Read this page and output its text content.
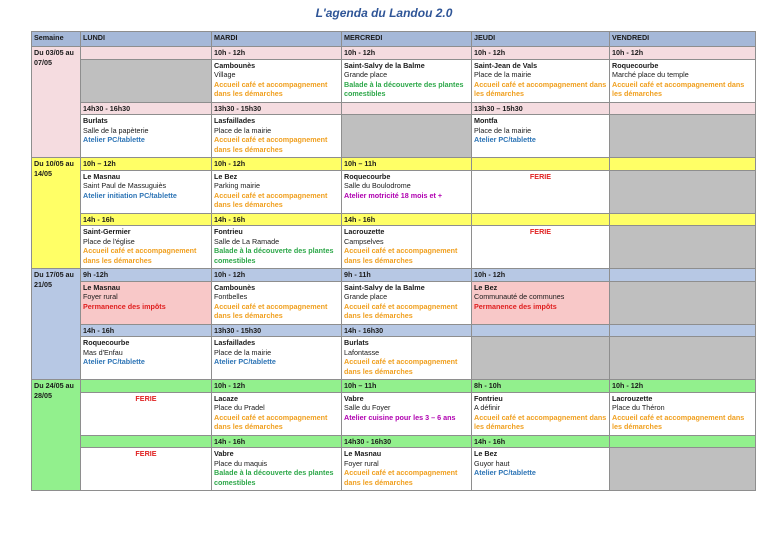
L'agenda du Landou 2.0
Semaine	LUNDI	MARDI	MERCREDI	JEUDI	VENDREDI
Du 03/05 au 07/05		10h - 12h	10h - 12h	10h - 12h	10h - 12h

		Cambounès
Village
Accueil café et accompagnement dans les démarches	Saint-Salvy de la Balme
Grande place
Balade à la découverte des plantes comestibles	Saint-Jean de Vals
Place de la mairie
Accueil café et accompagnement dans les démarches	Roquecourbe
Marché place du temple
Accueil café et accompagnement dans les démarches

	14h30 - 16h30	13h30 - 15h30		13h30 – 15h30	

	Burlats
Salle de la papèterie
Atelier PC/tablette	Lasfaillades
Place de la mairie
Accueil café et accompagnement dans les démarches		Montfa
Place de la mairie
Atelier PC/tablette	

Du 10/05 au 14/05	10h – 12h	10h - 12h	10h – 11h		

	Le Masnau
Saint Paul de Massuguiès
Atelier initiation PC/tablette	Le Bez
Parking mairie
Accueil café et accompagnement dans les démarches	Roquecourbe
Salle du Boulodrome
Atelier motricité 18 mois et +	FERIE	
	14h - 16h	14h - 16h	14h - 16h		

	Saint-Germier
Place de l'église
Accueil café et accompagnement dans les démarches	Fontrieu
Salle de La Ramade
Balade à la découverte des plantes comestibles	Lacrouzette
Campselves
Accueil café et accompagnement dans les démarches	FERIE	
Du 17/05 au 21/05	9h -12h	10h - 12h	9h - 11h	10h - 12h	

	Le Masnau
Foyer rural
Permanence des impôts	Cambounès
Fontbelles
Accueil café et accompagnement dans les démarches	Saint-Salvy de la Balme
Grande place
Accueil café et accompagnement dans les démarches	Le Bez
Communauté de communes
Permanence des impôts	

	14h - 16h	13h30 - 15h30	14h - 16h30		

	Roquecourbe
Mas d'Enfau
Atelier PC/tablette	Lasfaillades
Place de la mairie
Atelier PC/tablette	Burlats
Lafontasse
Accueil café et accompagnement dans les démarches		

Du 24/05 au 28/05		10h - 12h	10h – 11h	8h - 10h	10h - 12h
	FERIE	Lacaze
Place du Pradel
Accueil café et accompagnement dans les démarches	Vabre
Salle du Foyer
Atelier cuisine pour les 3 – 6 ans	Fontrieu
A définir
Accueil café et accompagnement dans les démarches	Lacrouzette
Place du Théron
Accueil café et accompagnement dans les démarches

		14h - 16h	14h30 - 16h30	14h - 16h	
	FERIE	Vabre
Place du maquis
Balade à la découverte des plantes comestibles	Le Masnau
Foyer rural
Accueil café et accompagnement dans les démarches	Le Bez
Guyor haut
Atelier PC/tablette	
